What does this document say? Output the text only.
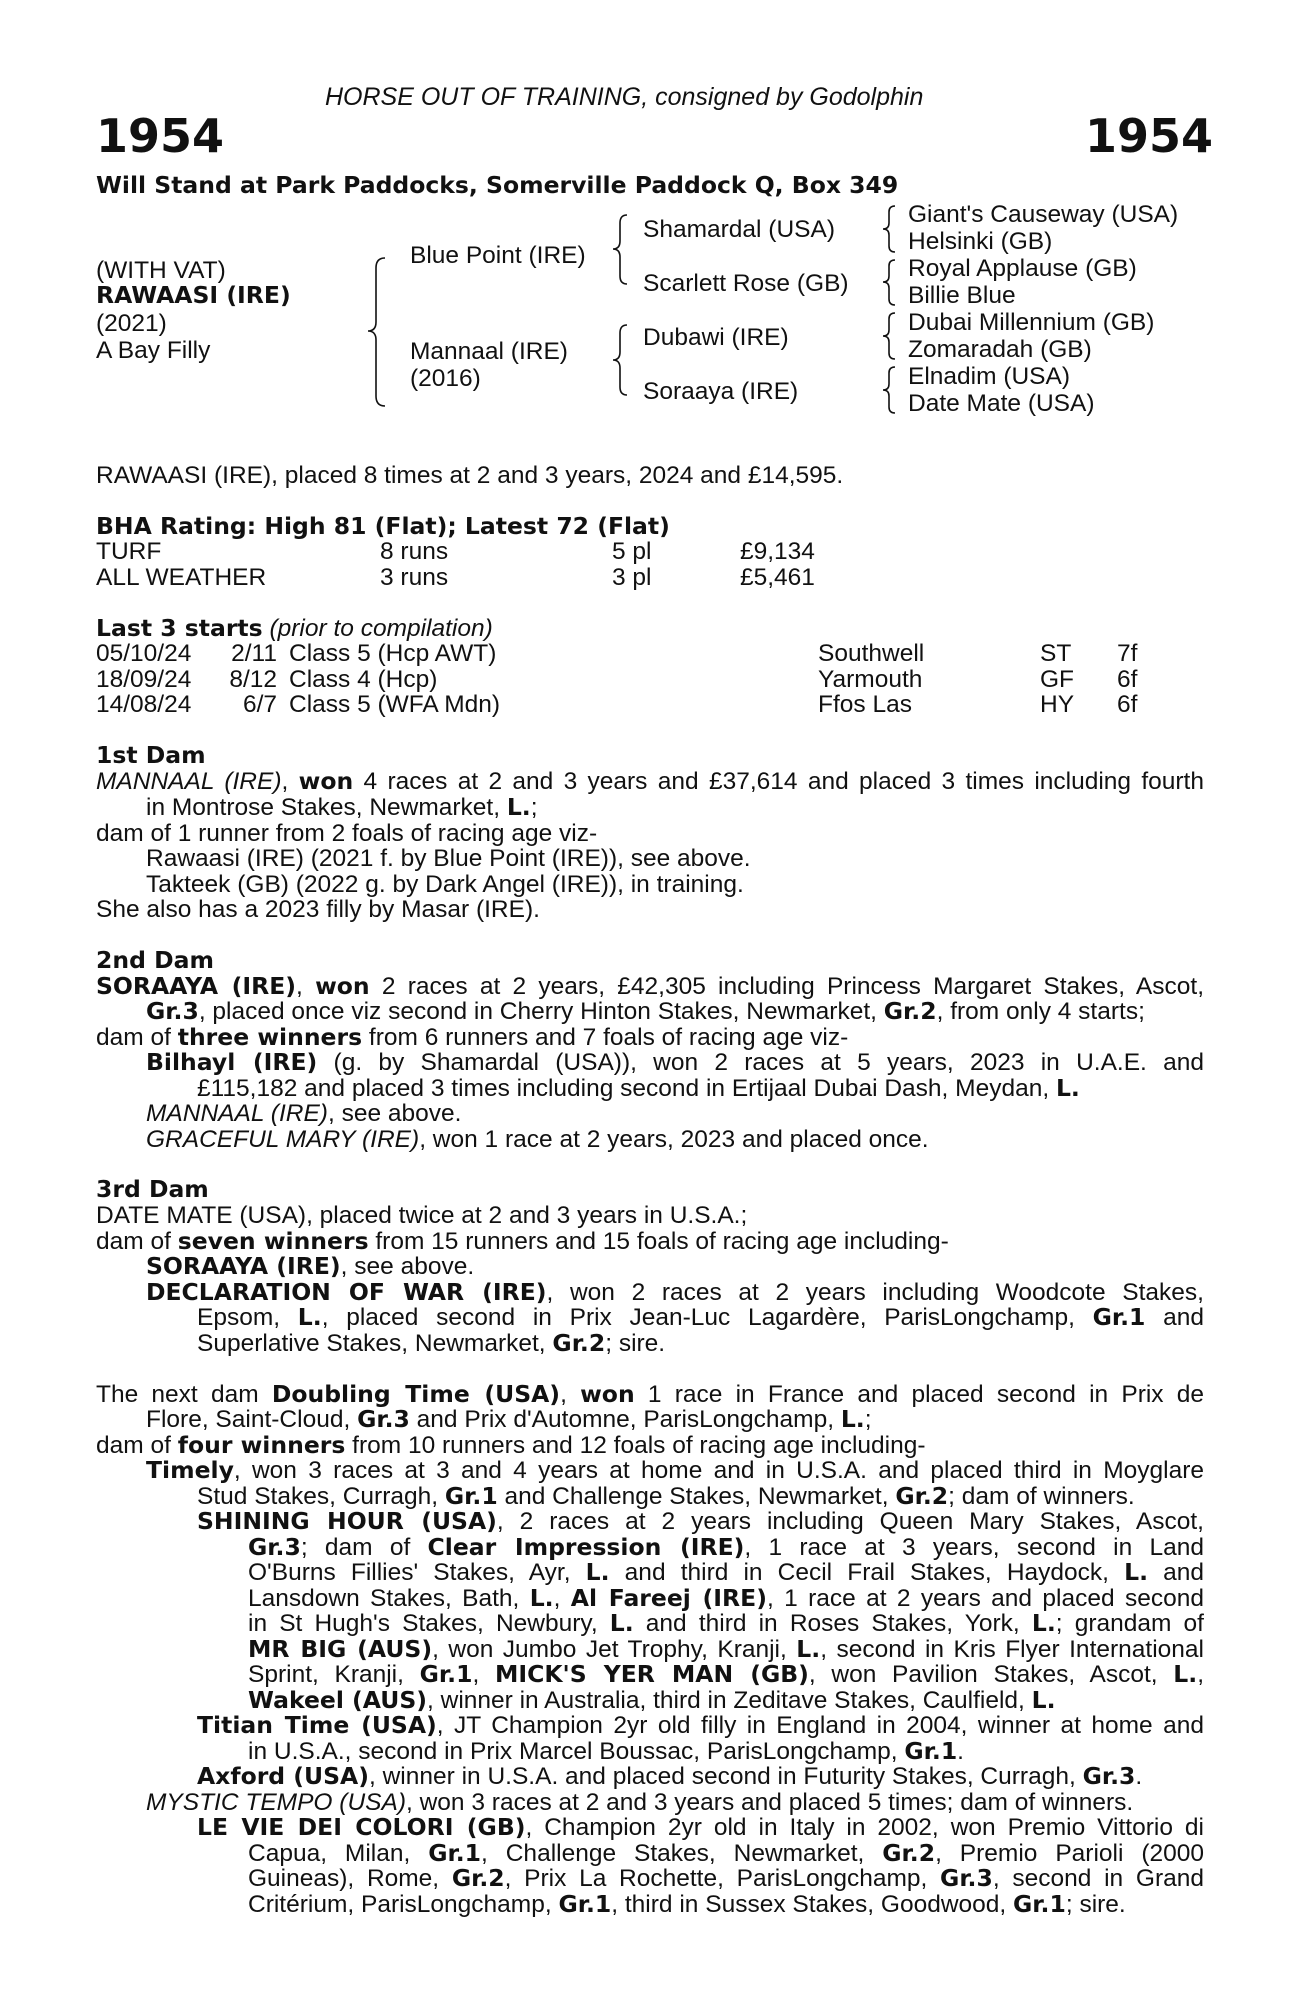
HORSE OUT OF TRAINING, consigned by Godolphin
1954	1954
Will Stand at Park Paddocks, Somerville Paddock Q, Box 349
(WITH VAT)
RAWAASI (IRE)
(2021)
A Bay Filly
Blue Point (IRE)
Mannaal (IRE)
(2016)
Shamardal (USA)
Scarlett Rose (GB)
Dubawi (IRE)
Soraaya (IRE)
Giant's Causeway (USA)
Helsinki (GB)
Royal Applause (GB)
Billie Blue
Dubai Millennium (GB)
Zomaradah (GB)
Elnadim (USA)
Date Mate (USA)
RAWAASI (IRE), placed 8 times at 2 and 3 years, 2024 and £14,595.
BHA Rating: High 81 (Flat); Latest 72 (Flat)
TURF	8 runs	5 pl	£9,134
ALL WEATHER	3 runs	3 pl	£5,461
Last 3 starts (prior to compilation)
05/10/24	2/11 Class 5 (Hcp AWT)	Southwell	ST 7f
18/09/24	8/12 Class 4 (Hcp)	Yarmouth	GF 6f
14/08/24	6/7 Class 5 (WFA Mdn)	Ffos Las	HY 6f
1st Dam
MANNAAL (IRE), won 4 races at 2 and 3 years and £37,614 and placed 3 times including fourth
in Montrose Stakes, Newmarket, L.;
dam of 1 runner from 2 foals of racing age viz-
Rawaasi (IRE) (2021 f. by Blue Point (IRE)), see above.
Takteek (GB) (2022 g. by Dark Angel (IRE)), in training.
She also has a 2023 filly by Masar (IRE).
2nd Dam
SORAAYA (IRE), won 2 races at 2 years, £42,305 including Princess Margaret Stakes, Ascot,
Gr.3, placed once viz second in Cherry Hinton Stakes, Newmarket, Gr.2, from only 4 starts;
dam of three winners from 6 runners and 7 foals of racing age viz-
Bilhayl (IRE) (g. by Shamardal (USA)), won 2 races at 5 years, 2023 in U.A.E. and
£115,182 and placed 3 times including second in Ertijaal Dubai Dash, Meydan, L.
MANNAAL (IRE), see above.
GRACEFUL MARY (IRE), won 1 race at 2 years, 2023 and placed once.
3rd Dam
DATE MATE (USA), placed twice at 2 and 3 years in U.S.A.;
dam of seven winners from 15 runners and 15 foals of racing age including-
SORAAYA (IRE), see above.
DECLARATION OF WAR (IRE), won 2 races at 2 years including Woodcote Stakes,
Epsom, L., placed second in Prix Jean-Luc Lagardère, ParisLongchamp, Gr.1 and
Superlative Stakes, Newmarket, Gr.2; sire.
The next dam Doubling Time (USA), won 1 race in France and placed second in Prix de
Flore, Saint-Cloud, Gr.3 and Prix d'Automne, ParisLongchamp, L.;
dam of four winners from 10 runners and 12 foals of racing age including-
Timely, won 3 races at 3 and 4 years at home and in U.S.A. and placed third in Moyglare
Stud Stakes, Curragh, Gr.1 and Challenge Stakes, Newmarket, Gr.2; dam of winners.
SHINING HOUR (USA), 2 races at 2 years including Queen Mary Stakes, Ascot,
Gr.3; dam of Clear Impression (IRE), 1 race at 3 years, second in Land
O'Burns Fillies' Stakes, Ayr, L. and third in Cecil Frail Stakes, Haydock, L. and
Lansdown Stakes, Bath, L., Al Fareej (IRE), 1 race at 2 years and placed second
in St Hugh's Stakes, Newbury, L. and third in Roses Stakes, York, L.; grandam of
MR BIG (AUS), won Jumbo Jet Trophy, Kranji, L., second in Kris Flyer International
Sprint, Kranji, Gr.1, MICK'S YER MAN (GB), won Pavilion Stakes, Ascot, L.,
Wakeel (AUS), winner in Australia, third in Zeditave Stakes, Caulfield, L.
Titian Time (USA), JT Champion 2yr old filly in England in 2004, winner at home and
in U.S.A., second in Prix Marcel Boussac, ParisLongchamp, Gr.1.
Axford (USA), winner in U.S.A. and placed second in Futurity Stakes, Curragh, Gr.3.
MYSTIC TEMPO (USA), won 3 races at 2 and 3 years and placed 5 times; dam of winners.
LE VIE DEI COLORI (GB), Champion 2yr old in Italy in 2002, won Premio Vittorio di
Capua, Milan, Gr.1, Challenge Stakes, Newmarket, Gr.2, Premio Parioli (2000
Guineas), Rome, Gr.2, Prix La Rochette, ParisLongchamp, Gr.3, second in Grand
Critérium, ParisLongchamp, Gr.1, third in Sussex Stakes, Goodwood, Gr.1; sire.
